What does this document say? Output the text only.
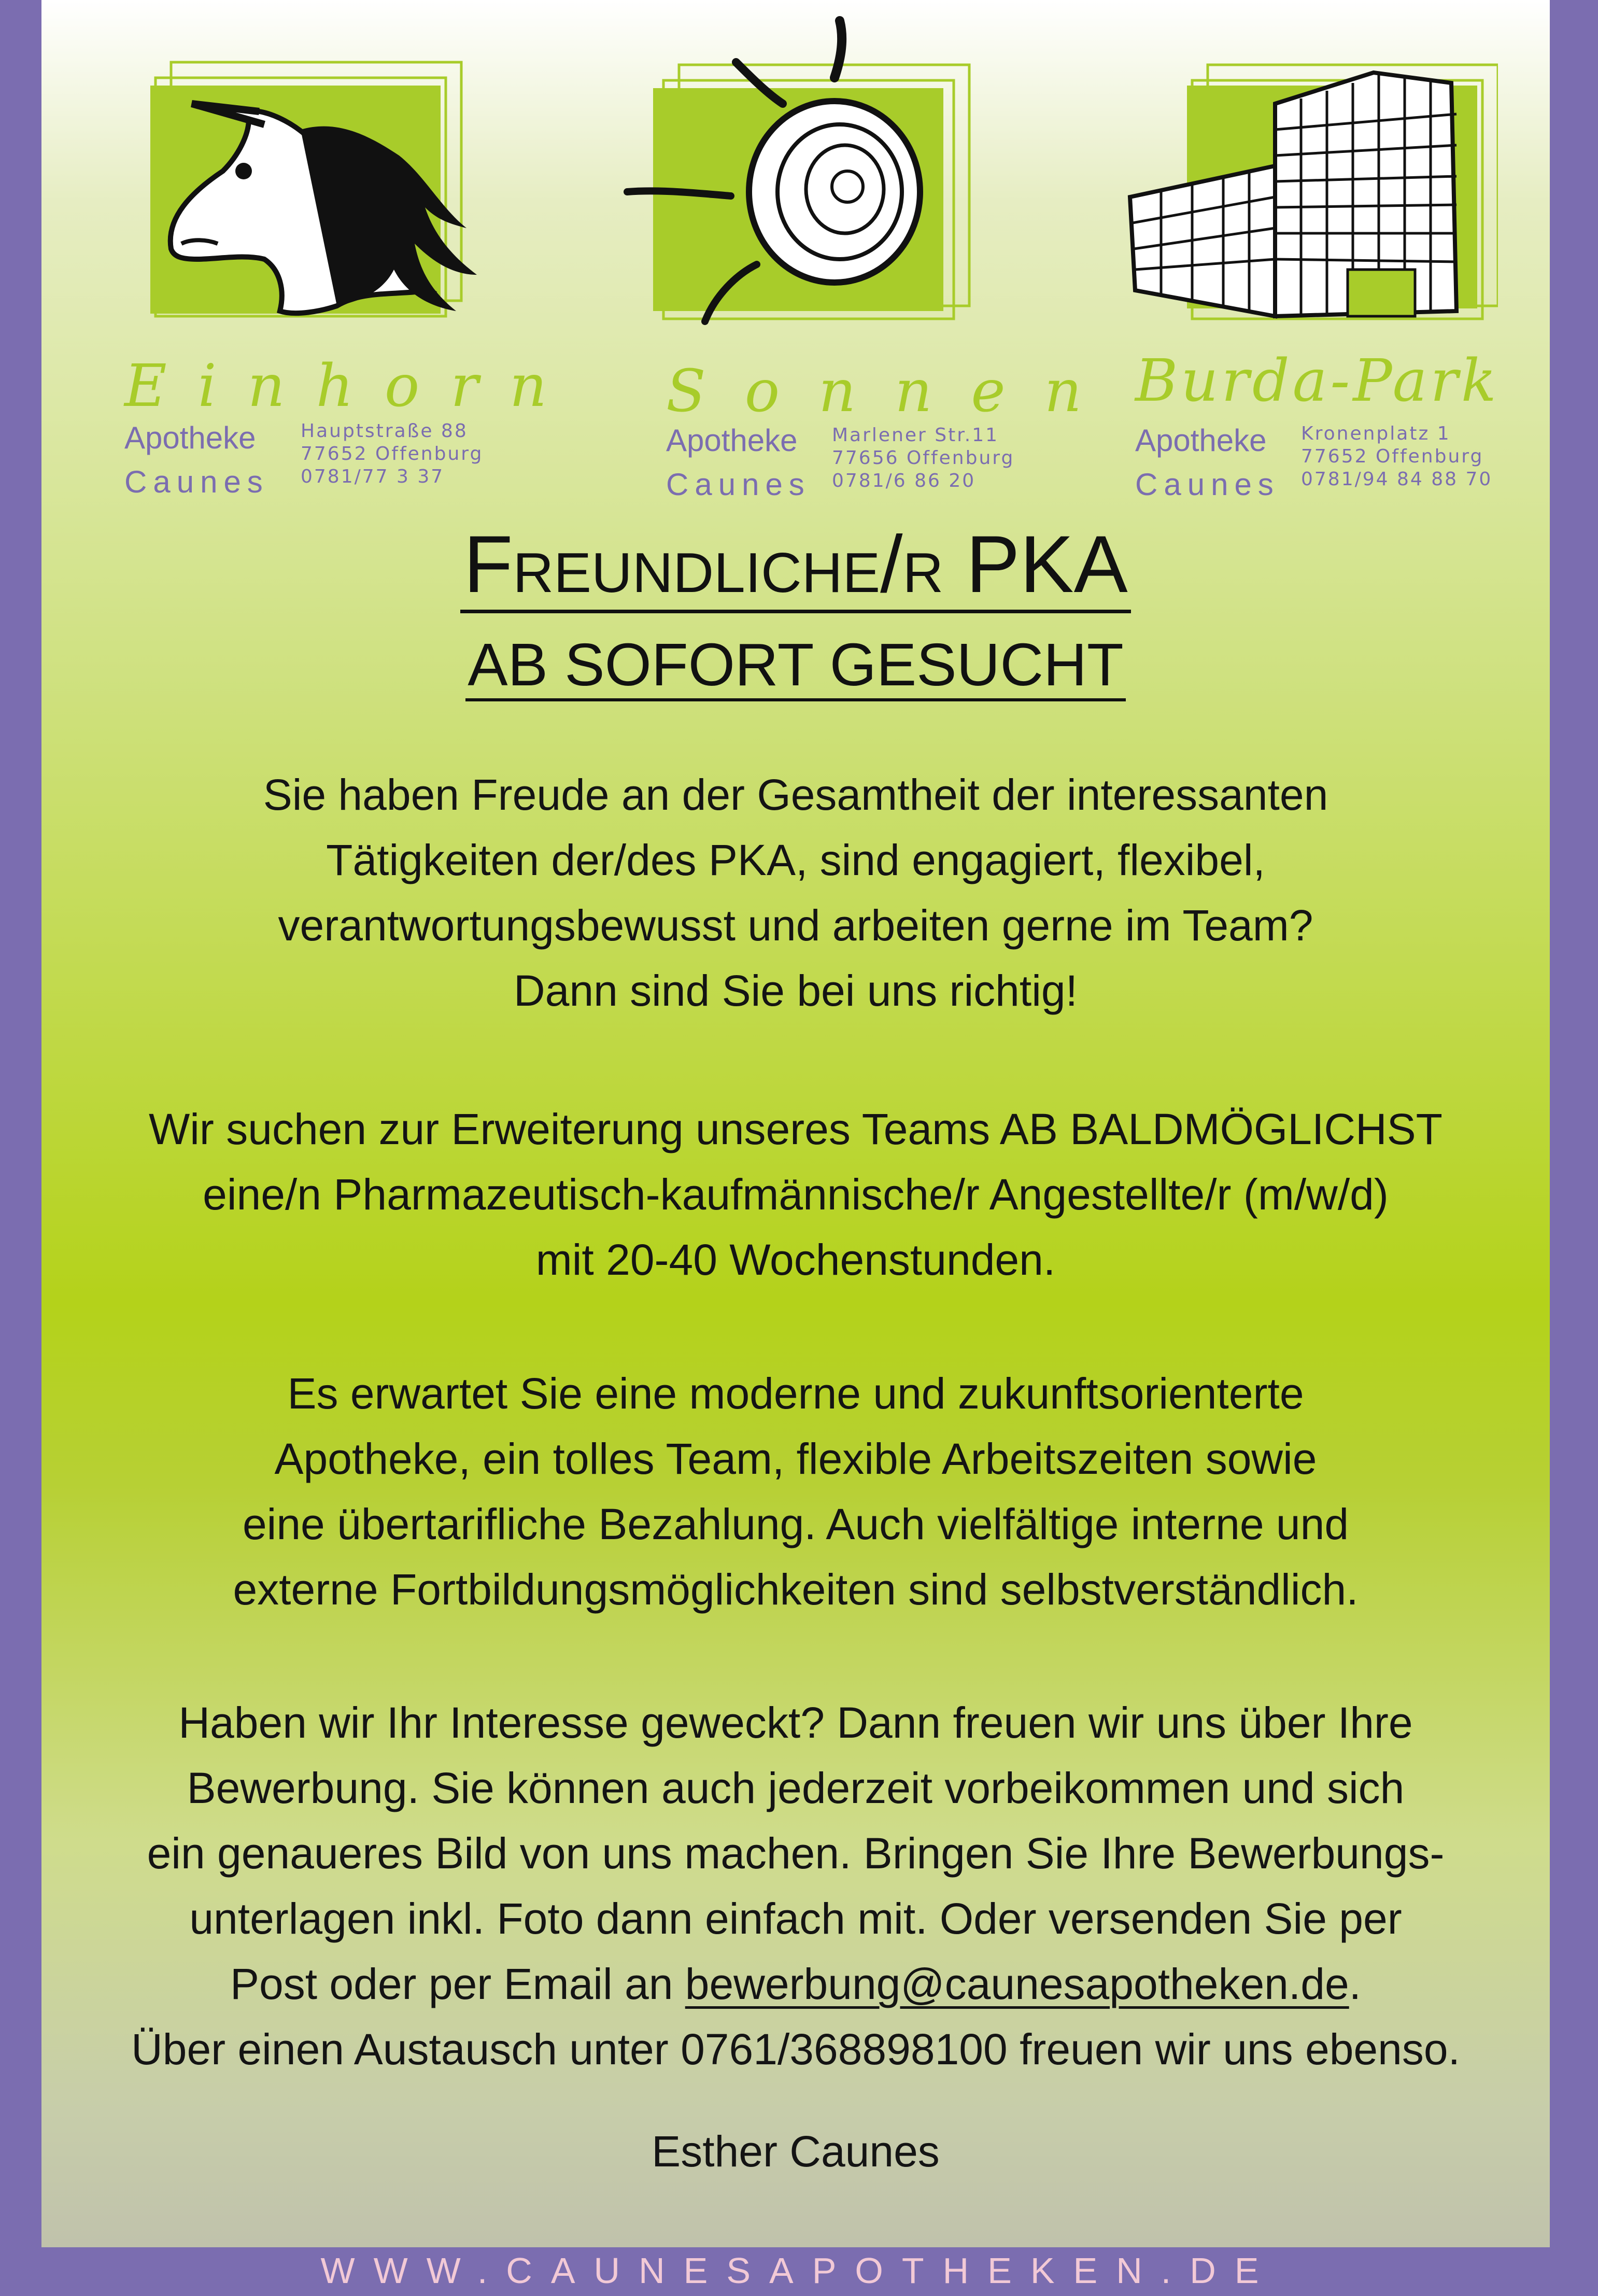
Einhorn
Apotheke
Caunes
Hauptstraße 88
77652 Offenburg
0781/77 3 37
Sonnen
Apotheke
Caunes
Marlener Str.11
77656 Offenburg
0781/6 86 20
Burda-Park
Apotheke
Caunes
Kronenplatz 1
77652 Offenburg
0781/94 84 88 70
Freundliche/r PKA
AB SOFORT GESUCHT
Sie haben Freude an der Gesamtheit der interessanten
Tätigkeiten der/des PKA, sind engagiert, flexibel,
verantwortungsbewusst und arbeiten gerne im Team?
Dann sind Sie bei uns richtig!
Wir suchen zur Erweiterung unseres Teams AB BALDMÖGLICHST
eine/n Pharmazeutisch-kaufmännische/r Angestellte/r (m/w/d)
mit 20-40 Wochenstunden.
Es erwartet Sie eine moderne und zukunftsorienterte
Apotheke, ein tolles Team, flexible Arbeitszeiten sowie
eine übertarifliche Bezahlung. Auch vielfältige interne und
externe Fortbildungsmöglichkeiten sind selbstverständlich.
Haben wir Ihr Interesse geweckt? Dann freuen wir uns über Ihre
Bewerbung. Sie können auch jederzeit vorbeikommen und sich
ein genaueres Bild von uns machen. Bringen Sie Ihre Bewerbungs-
unterlagen inkl. Foto dann einfach mit. Oder versenden Sie per
Post oder per Email an bewerbung@caunesapotheken.de.
Über einen Austausch unter 0761/368898100 freuen wir uns ebenso.
Esther Caunes
WWW.CAUNESAPOTHEKEN.DE
